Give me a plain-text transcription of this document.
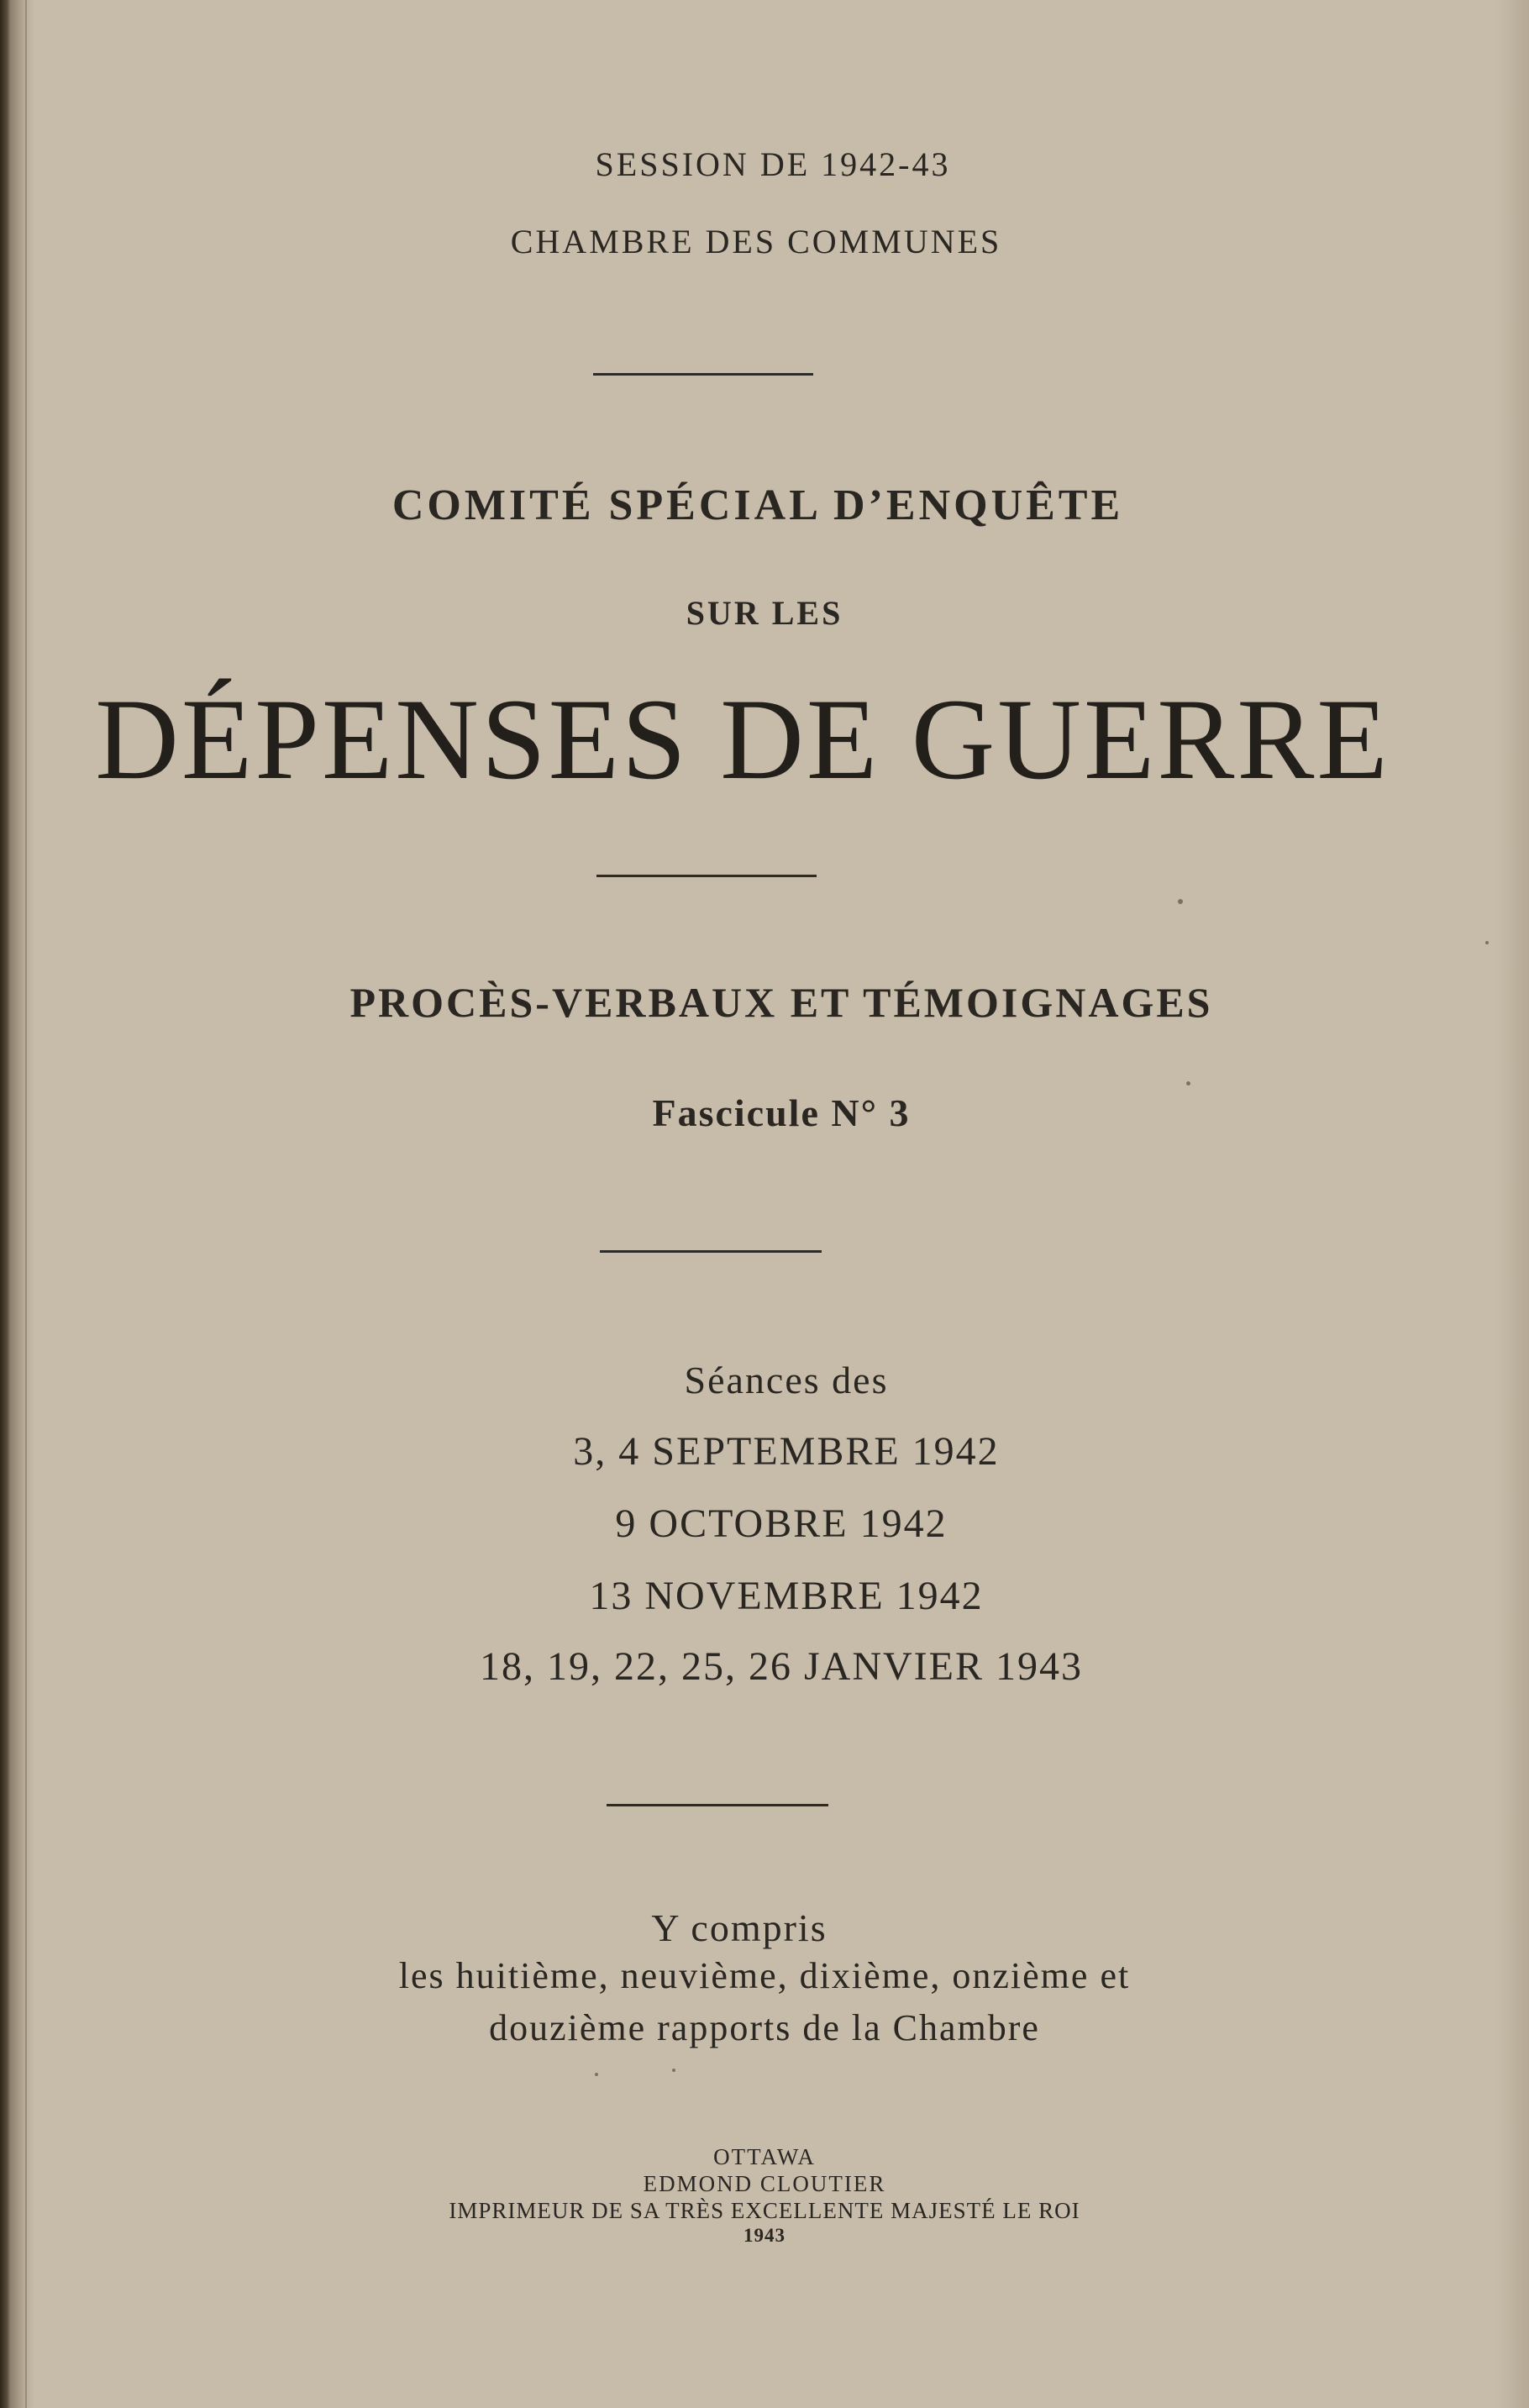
SESSION DE 1942-43

CHAMBRE DES COMMUNES

COMITÉ SPÉCIAL D’ENQUÊTE

SUR LES

DÉPENSES DE GUERRE

PROCÈS-VERBAUX ET TÉMOIGNAGES

Fascicule N° 3

Séances des

3, 4 SEPTEMBRE 1942

9 OCTOBRE 1942

13 NOVEMBRE 1942

18, 19, 22, 25, 26 JANVIER 1943

Y compris

les huitième, neuvième, dixième, onzième et

douzième rapports de la Chambre

OTTAWA

EDMOND CLOUTIER

IMPRIMEUR DE SA TRÈS EXCELLENTE MAJESTÉ LE ROI

1943
